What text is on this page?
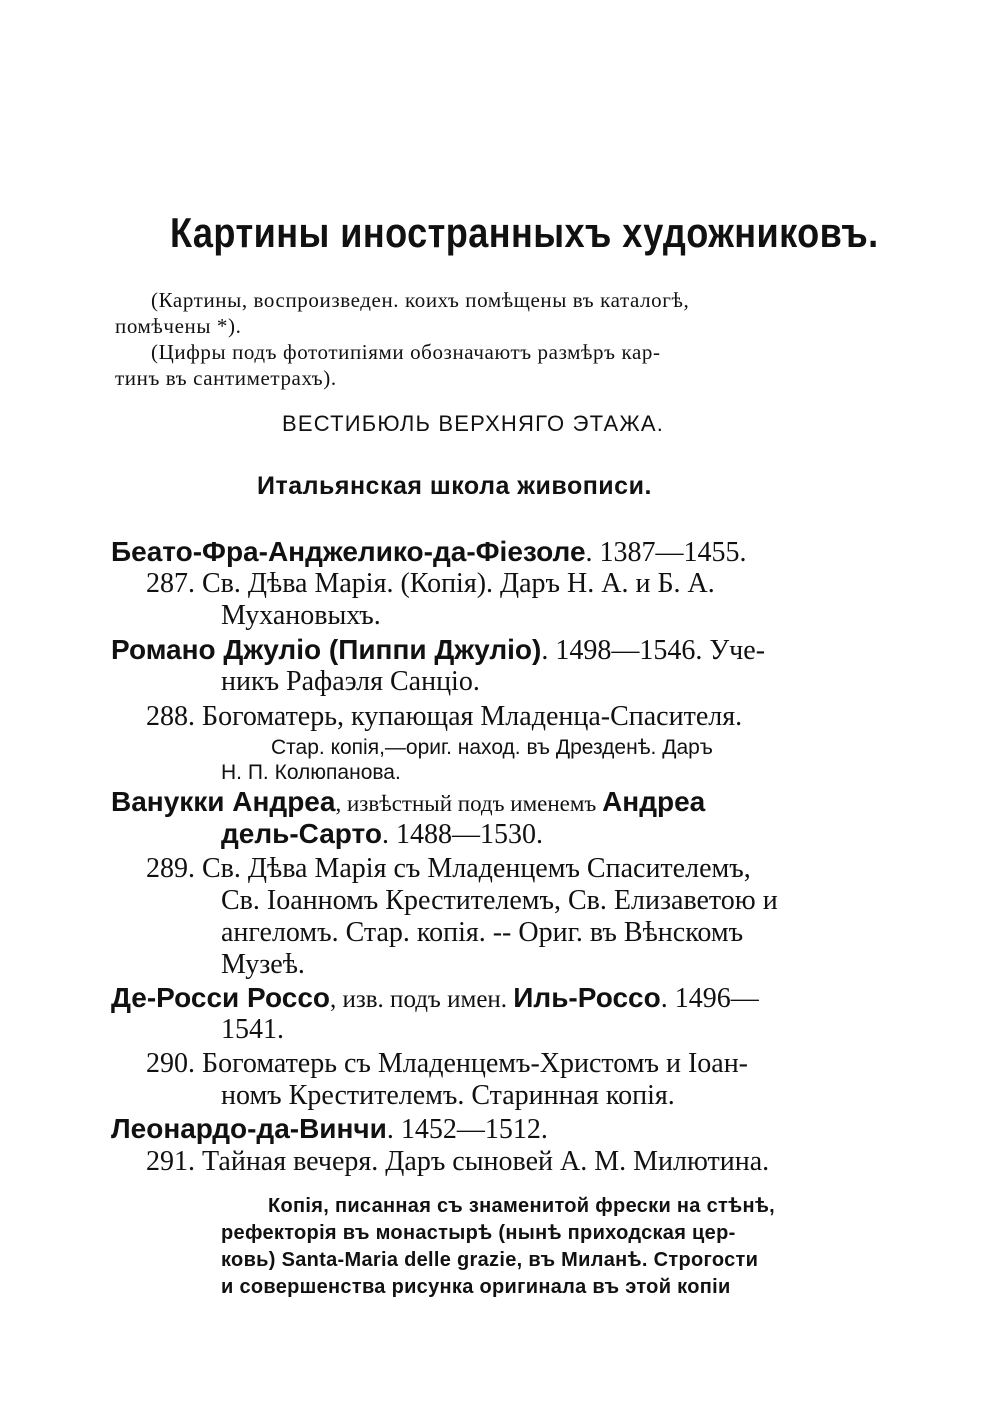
Картины иностранныхъ художниковъ.
(Картины, воспроизведен. коихъ помѣщены въ каталогѣ,
помѣчены *).
(Цифры подъ фототипіями обозначаютъ размѣръ кар-
тинъ въ сантиметрахъ).
ВЕСТИБЮЛЬ ВЕРХНЯГО ЭТАЖА.
Итальянская школа живописи.
Беато-Фра-Анджелико-да-Фіезоле. 1387—1455.
287. Св. Дѣва Марія. (Копія). Даръ Н. А. и Б. А.
Мухановыхъ.
Романо Джуліо (Пиппи Джуліо). 1498—1546. Уче-
никъ Рафаэля Санціо.
288. Богоматерь, купающая Младенца-Спасителя.
Стар. копія,—ориг. наход. въ Дрезденѣ. Даръ
Н. П. Колюпанова.
Ванукки Андреа, извѣстный подъ именемъ Андреа
дель-Сарто. 1488—1530.
289. Св. Дѣва Марія съ Младенцемъ Спасителемъ,
Св. Іоанномъ Крестителемъ, Св. Елизаветою и
ангеломъ. Стар. копія. -- Ориг. въ Вѣнскомъ
Музеѣ.
Де-Росси Россо, изв. подъ имен. Иль-Россо. 1496—
1541.
290. Богоматерь съ Младенцемъ-Христомъ и Іоан-
номъ Крестителемъ. Старинная копія.
Леонардо-да-Винчи. 1452—1512.
291. Тайная вечеря. Даръ сыновей А. М. Милютина.
Копія, писанная съ знаменитой фрески на стѣнѣ,
рефекторія въ монастырѣ (нынѣ приходская цер-
ковь) Santa-Maria delle grazie, въ Миланѣ. Строгости
и совершенства рисунка оригинала въ этой копіи
